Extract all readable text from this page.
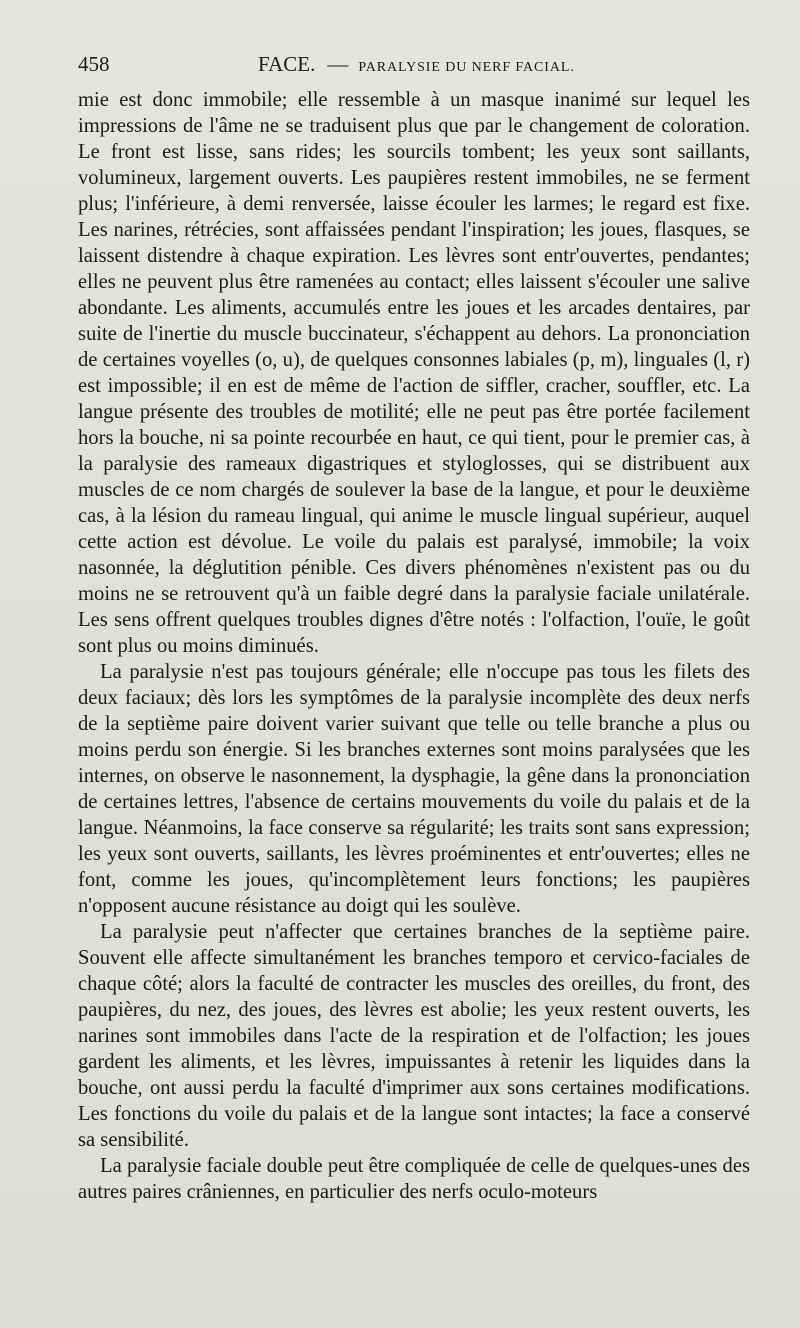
458	FACE. — PARALYSIE DU NERF FACIAL.

mie est donc immobile; elle ressemble à un masque inanimé sur lequel les impressions de l'âme ne se traduisent plus que par le changement de coloration. Le front est lisse, sans rides; les sourcils tombent; les yeux sont saillants, volumineux, largement ouverts. Les paupières restent immobiles, ne se ferment plus; l'inférieure, à demi renversée, laisse écouler les larmes; le regard est fixe. Les narines, rétrécies, sont affaissées pendant l'inspiration; les joues, flasques, se laissent distendre à chaque expiration. Les lèvres sont entr'ouvertes, pendantes; elles ne peuvent plus être ramenées au contact; elles laissent s'écouler une salive abondante. Les aliments, accumulés entre les joues et les arcades dentaires, par suite de l'inertie du muscle buccinateur, s'échappent au dehors. La prononciation de certaines voyelles (o, u), de quelques consonnes labiales (p, m), linguales (l, r) est impossible; il en est de même de l'action de siffler, cracher, souffler, etc. La langue présente des troubles de motilité; elle ne peut pas être portée facilement hors la bouche, ni sa pointe recourbée en haut, ce qui tient, pour le premier cas, à la paralysie des rameaux digastriques et styloglosses, qui se distribuent aux muscles de ce nom chargés de soulever la base de la langue, et pour le deuxième cas, à la lésion du rameau lingual, qui anime le muscle lingual supérieur, auquel cette action est dévolue. Le voile du palais est paralysé, immobile; la voix nasonnée, la déglutition pénible. Ces divers phénomènes n'existent pas ou du moins ne se retrouvent qu'à un faible degré dans la paralysie faciale unilatérale. Les sens offrent quelques troubles dignes d'être notés : l'olfaction, l'ouïe, le goût sont plus ou moins diminués.

La paralysie n'est pas toujours générale; elle n'occupe pas tous les filets des deux faciaux; dès lors les symptômes de la paralysie incomplète des deux nerfs de la septième paire doivent varier suivant que telle ou telle branche a plus ou moins perdu son énergie. Si les branches externes sont moins paralysées que les internes, on observe le nasonnement, la dysphagie, la gêne dans la prononciation de certaines lettres, l'absence de certains mouvements du voile du palais et de la langue. Néanmoins, la face conserve sa régularité; les traits sont sans expression; les yeux sont ouverts, saillants, les lèvres proéminentes et entr'ouvertes; elles ne font, comme les joues, qu'incomplètement leurs fonctions; les paupières n'opposent aucune résistance au doigt qui les soulève.

La paralysie peut n'affecter que certaines branches de la septième paire. Souvent elle affecte simultanément les branches temporo et cervico-faciales de chaque côté; alors la faculté de contracter les muscles des oreilles, du front, des paupières, du nez, des joues, des lèvres est abolie; les yeux restent ouverts, les narines sont immobiles dans l'acte de la respiration et de l'olfaction; les joues gardent les aliments, et les lèvres, impuissantes à retenir les liquides dans la bouche, ont aussi perdu la faculté d'imprimer aux sons certaines modifications. Les fonctions du voile du palais et de la langue sont intactes; la face a conservé sa sensibilité.

La paralysie faciale double peut être compliquée de celle de quelques-unes des autres paires crâniennes, en particulier des nerfs oculo-moteurs
